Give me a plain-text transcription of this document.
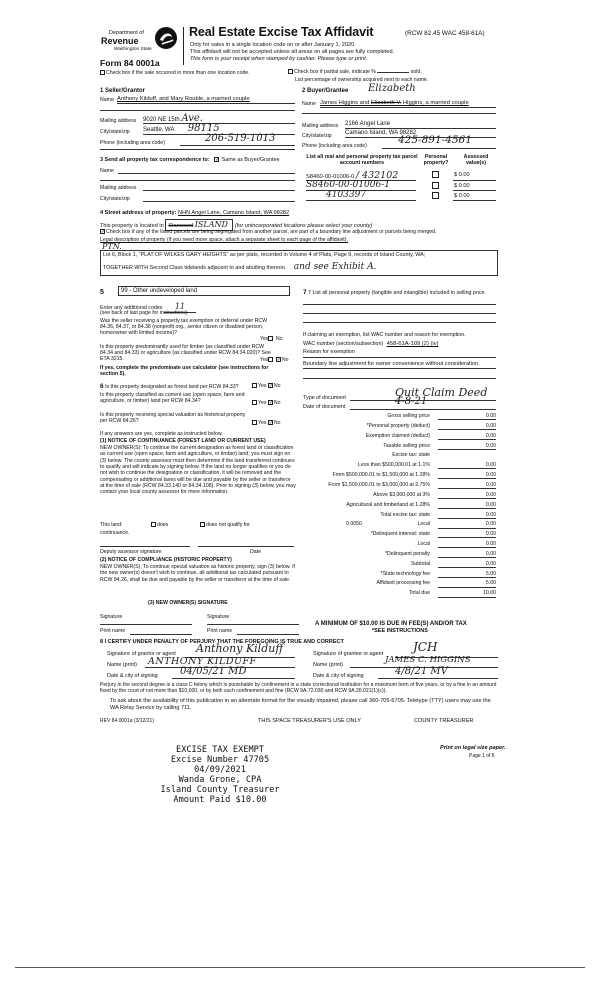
Department of
Revenue
Washington State
Form 84 0001a
Real Estate Excise Tax Affidavit	(RCW 82.45 WAC 458-61A)
Only for sales in a single location code on or after January 1, 2020.
This affidavit will not be accepted unless all areas on all pages are fully completed.
This form is your receipt when stamped by cashier. Please type or print.
Check box if the sale occurred in more than one location code.	Check box if partial sale, indicate %	sold.
List percentage of ownership acquired next to each name.
1 Seller/Grantor
Name Anthony Kilduff, and Mary Rouble, a married couple
Mailing address 9020 NE 15th Ave.
City/state/zip Seattle, WA 98115
Phone (including area code)	206-519-1013
2 Buyer/Grantee Elizabeth
Name James Higgins and Elizabeth V. Higgins, a married couple
Mailing address 2166 Angel Lane
City/state/zip Camano Island, WA 98282
Phone (including area code)	425-891-4561
3 Send all property tax correspondence to: ✓ Same as Buyer/Grantee
Name
Mailing address
City/state/zip
List all real and personal property tax parcel account numbers
Personal property?
Assessed value(s)
S8460-00-01006-0 / 432102	$ 0.00
S8460-00-01006-1	$ 0.00
4103397	$ 0.00
4 Street address of property: NHN Angel Lane, Camano Island, WA 98282
This property is located in Stanwood ISLAND (for unincorporated locations please select your county)
✓Check box if any of the listed parcels are being segregated from another parcel, are part of a boundary line adjustment or parcels being merged.
Legal description of property (if you need more space, attach a separate sheet to each page of the affidavit).
PTN.
Lot 6, Block 1, "PLAT OF WILKES GARY HEIGHTS" as per plats, recorded in Volume 4 of Plats, Page 9, records of Island County, WA;
TOGETHER WITH Second Class tidelands adjacent to and abutting thereon. and see Exhibit A.
5	99 - Other undeveloped land
Enter any additional codes 11
(see back of last page for instructions)
Was the seller receiving a property tax exemption or deferral under RCW 84.36, 84.37, or 84.38 (nonprofit org., senior citizen or disabled person, homeowner with limited income)?
Yes No
Is this property predominantly used for timber (as classified under RCW 84.34 and 84.33) or agriculture (as classified under RCW 84.34.020)? See ETA 3215.	Yes ✓No
If yes, complete the predominate use calculator (see instructions for section 5).
6 Is this property designated as forest land per RCW 84.33?	Yes ✓No
Is this property classified as current use (open space, farm and agriculture, or timber) land per RCW 84.34?	Yes ✓No
Is this property receiving special valuation as historical property per RCW 84.26?	Yes ✓No
If any answers are yes, complete as instructed below.
(1) NOTICE OF CONTINUANCE (FOREST LAND OR CURRENT USE)
NEW OWNER(S): To continue the current designation as forest land or classification as current use (open space, farm and agriculture, or timber) land, you must sign on (3) below. The county assessor must then determine if the land transferred continues to qualify and will indicate by signing below. If the land no longer qualifies or you do not wish to continue the designation or classification, it will be removed and the compensating or additional taxes will be due and payable by the seller or transferor at the time of sale (RCW 84.33.140 or 84.34.108). Prior to signing (3) below, you may contact your local county assessor for more information.
This land:	does	does not qualify for
continuance.
Deputy assessor signature	Date
(2) NOTICE OF COMPLIANCE (HISTORIC PROPERTY)
NEW OWNER(S): To continue special valuation as historic property, sign (3) below. If the new owner(s) doesn't wish to continue, all additional tax calculated pursuant to RCW 84.26, shall be due and payable by the seller or transferor at the time of sale.
(3) NEW OWNER(S) SIGNATURE
Signature	Signature
Print name	Print name
7 7 List all personal property (tangible and intangible) included in selling price.
If claiming an exemption, list WAC number and reason for exemption.
WAC number (section/subsection) 458-61A-109 (2) (iv)
Reason for exemption
Boundary line adjustment for owner convenience without consideration.
Type of document	Quit Claim Deed
Date of document	4-8-21
Gross selling price	0.00
*Personal property (deduct)	0.00
Exemption claimed (deduct)	0.00
Taxable selling price	0.00
Excise tax: state
Less than $500,000.01 at 1.1%	0.00
From $500,000.01 to $1,500,000 at 1.28%	0.00
From $1,500,000.01 to $3,000,000 at 2.75%	0.00
Above $3,000,000 at 3%	0.00
Agricultural and timberland at 1.28%	0.00
Total excise tax: state	0.00
Local
0.0050	0.00
*Delinquent interest: state	0.00
Local	0.00
*Delinquent penalty	0.00
Subtotal	0.00
*State technology fee	5.00
Affidavit processing fee	5.00
Total due	10.00
A MINIMUM OF $10.00 IS DUE IN FEE(S) AND/OR TAX
*SEE INSTRUCTIONS
8 I CERTIFY UNDER PENALTY OF PERJURY THAT THE FOREGOING IS TRUE AND CORRECT
Signature of grantor or agent Anthony Kilduff
Name (print) ANTHONY KILDUFF
Date & city of signing 04/05/21 MD
Signature of grantee or agent JCH
Name (print)	JAMES C. HIGGINS
Date & city of signing	4/8/21 MV
Perjury in the second degree is a class C felony which is punishable by confinement in a state correctional institution for a maximum term of five years, or by a fine in an amount fixed by the court of not more than $10,000, or by both such confinement and fine (RCW 9A.72.030 and RCW 9A.20.021(1)(c)).
To ask about the availability of this publication in an alternate format for the visually impaired, please call 360-705-6705. Teletype (TTY) users may use the WA Relay Service by calling 711.
REV 84 0001a (3/12/21)	THIS SPACE TREASURER'S USE ONLY	COUNTY TREASURER
EXCISE TAX EXEMPT
Excise Number 47705
04/09/2021
Wanda Grone, CPA
Island County Treasurer
Amount Paid $10.00
Print on legal size paper.
Page 1 of 6
